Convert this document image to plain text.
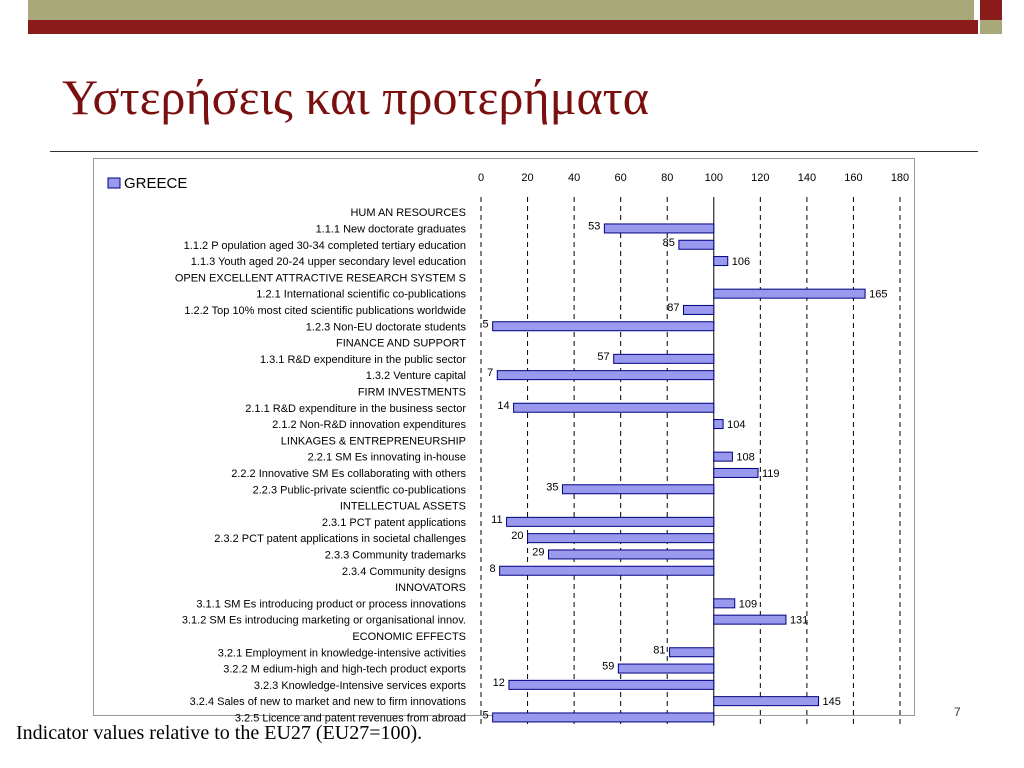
Υστερήσεις και προτερήματα
GREECE	0	20	40	60	80	100	120	140	160	180
HUM AN RESOURCES
1.1.1 New doctorate graduates	53
1.1.2 P opulation aged 30-34 completed tertiary education	85
1.1.3 Youth aged 20-24 upper secondary level education	106
OPEN EXCELLENT ATTRACTIVE RESEARCH SYSTEM S
1.2.1 International scientific co-publications	165
1.2.2 Top 10% most cited scientific publications worldwide	87
1.2.3 Non-EU doctorate students 5
FINANCE AND SUPPORT
1.3.1 R&D expenditure in the public sector	57
1.3.2 Venture capital 7
FIRM INVESTMENTS
2.1.1 R&D expenditure in the business sector	14
2.1.2 Non-R&D innovation expenditures	104
LINKAGES & ENTREPRENEURSHIP
2.2.1 SM Es innovating in-house	108
2.2.2 Innovative SM Es collaborating with others	119
2.2.3 Public-private scientfic co-publications	35
INTELLECTUAL ASSETS
2.3.1 PCT patent applications 11
2.3.2 PCT patent applications in societal challenges	20
2.3.3 Community trademarks	29
2.3.4 Community designs 8
INNOVATORS
3.1.1 SM Es introducing product or process innovations	109
3.1.2 SM Es introducing marketing or organisational innov.	131
ECONOMIC EFFECTS
3.2.1 Employment in knowledge-intensive activities	81
3.2.2 M edium-high and high-tech product exports	59
3.2.3 Knowledge-Intensive services exports 12
3.2.4 Sales of new to market and new to firm innovations	145
3.2.5 Licence and patent revenues from abroad 5	7
Indicator values relative to the EU27 (EU27=100).
